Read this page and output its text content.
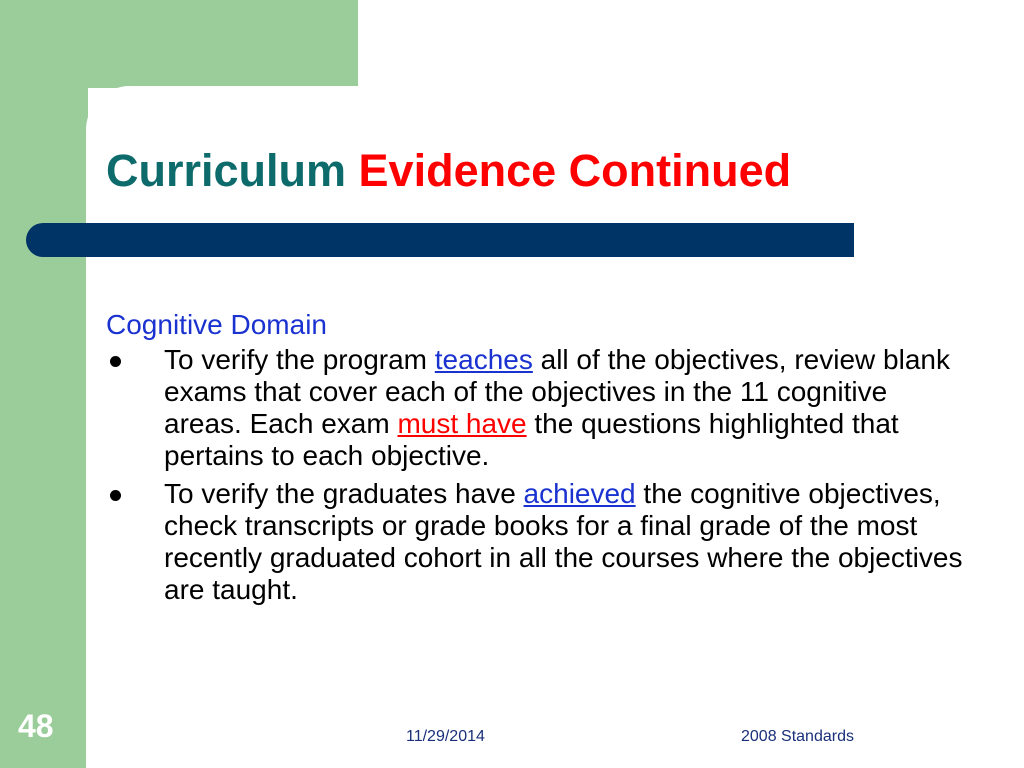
Curriculum Evidence Continued

Cognitive Domain

To verify the program teaches all of the objectives, review blank exams that cover each of the objectives in the 11 cognitive areas. Each exam must have the questions highlighted that pertains to each objective.

To verify the graduates have achieved the cognitive objectives, check transcripts or grade books for a final grade of the most recently graduated cohort in all the courses where the objectives are taught.

48	11/29/2014	2008 Standards
